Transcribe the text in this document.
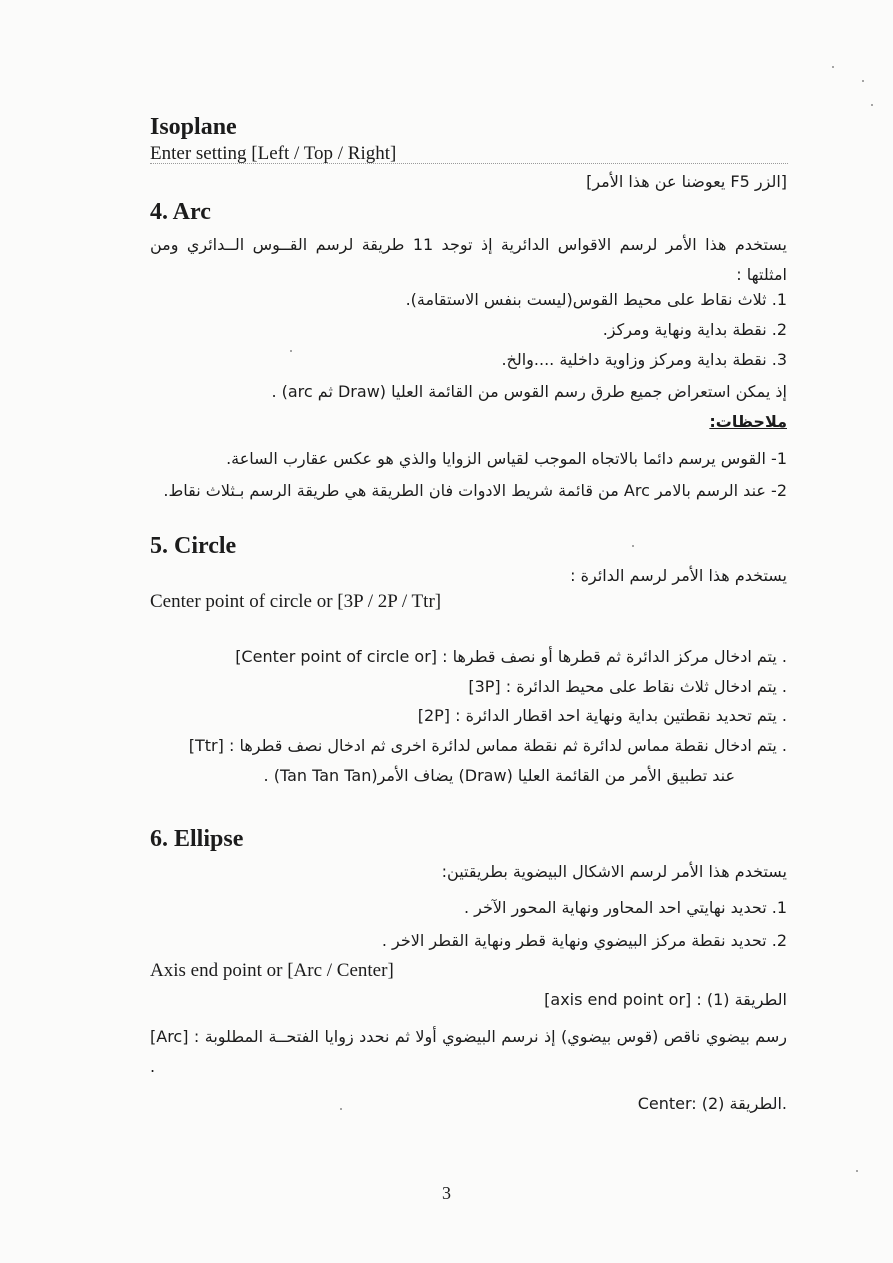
Isoplane
Enter setting [Left / Top / Right]
[الزر F5 يعوضنا عن هذا الأمر]
4. Arc
يستخدم هذا الأمر لرسم الاقواس الدائرية إذ توجد 11 طريقة لرسم القــوس الــدائري ومن امثلتها :
1. ثلاث نقاط على محيط القوس(ليست بنفس الاستقامة).
2. نقطة بداية ونهاية ومركز.
3. نقطة بداية ومركز وزاوية داخلية ....والخ.
إذ يمكن استعراض جميع طرق رسم القوس من القائمة العليا (Draw ثم arc) .
ملاحظات:
1- القوس يرسم دائما بالاتجاه الموجب لقياس الزوايا والذي هو عكس عقارب الساعة.
2- عند الرسم بالامر Arc من قائمة شريط الادوات فان الطريقة هي طريقة الرسم بـثلاث نقاط.
5. Circle
يستخدم هذا الأمر لرسم الدائرة :
Center point of circle or [3P / 2P / Ttr]
[Center point of circle or] : يتم ادخال مركز الدائرة ثم قطرها أو نصف قطرها .
[3P] : يتم ادخال ثلاث نقاط على محيط الدائرة .
[2P] : يتم تحديد نقطتين بداية ونهاية احد اقطار الدائرة .
[Ttr] : يتم ادخال نقطة مماس لدائرة ثم نقطة مماس لدائرة اخرى ثم ادخال نصف قطرها .
عند تطبيق الأمر من القائمة العليا (Draw) يضاف الأمر(Tan Tan Tan) .
6. Ellipse
يستخدم هذا الأمر لرسم الاشكال البيضوية بطريقتين:
1. تحديد نهايتي احد المحاور ونهاية المحور الآخر .
2. تحديد نقطة مركز البيضوي ونهاية قطر ونهاية القطر الاخر .
Axis end point or [Arc / Center]
[axis end point or] : الطريقة (1)
[Arc] : رسم بيضوي ناقص (قوس بيضوي) إذ نرسم البيضوي أولا ثم نحدد زوايا الفتحــة المطلوبة .
Center: الطريقة (2).
3
